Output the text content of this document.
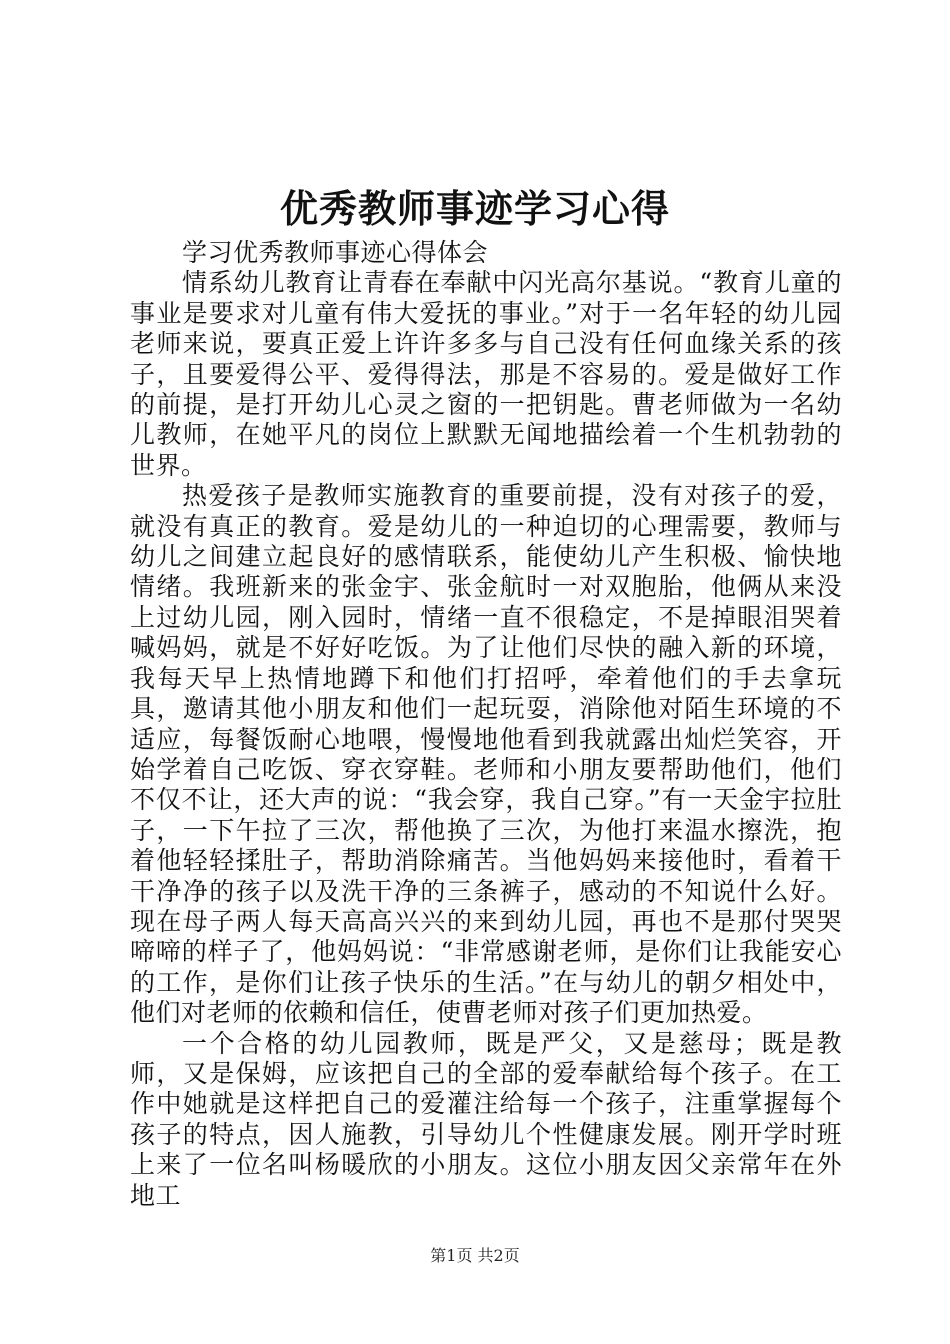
优秀教师事迹学习心得

学习优秀教师事迹心得体会

情系幼儿教育让青春在奉献中闪光高尔基说。“教育儿童的事业是要求对儿童有伟大爱抚的事业。”对于一名年轻的幼儿园老师来说，要真正爱上许许多多与自己没有任何血缘关系的孩子，且要爱得公平、爱得得法，那是不容易的。爱是做好工作的前提，是打开幼儿心灵之窗的一把钥匙。曹老师做为一名幼儿教师，在她平凡的岗位上默默无闻地描绘着一个生机勃勃的世界。

热爱孩子是教师实施教育的重要前提，没有对孩子的爱，就没有真正的教育。爱是幼儿的一种迫切的心理需要，教师与幼儿之间建立起良好的感情联系，能使幼儿产生积极、愉快地情绪。我班新来的张金宇、张金航时一对双胞胎，他俩从来没上过幼儿园，刚入园时，情绪一直不很稳定，不是掉眼泪哭着喊妈妈，就是不好好吃饭。为了让他们尽快的融入新的环境，我每天早上热情地蹲下和他们打招呼，牵着他们的手去拿玩具，邀请其他小朋友和他们一起玩耍，消除他对陌生环境的不适应，每餐饭耐心地喂，慢慢地他看到我就露出灿烂笑容，开始学着自己吃饭、穿衣穿鞋。老师和小朋友要帮助他们，他们不仅不让，还大声的说：“我会穿，我自己穿。”有一天金宇拉肚子，一下午拉了三次，帮他换了三次，为他打来温水擦洗，抱着他轻轻揉肚子，帮助消除痛苦。当他妈妈来接他时，看着干干净净的孩子以及洗干净的三条裤子，感动的不知说什么好。现在母子两人每天高高兴兴的来到幼儿园，再也不是那付哭哭啼啼的样子了，他妈妈说：“非常感谢老师，是你们让我能安心的工作，是你们让孩子快乐的生活。”在与幼儿的朝夕相处中，他们对老师的依赖和信任，使曹老师对孩子们更加热爱。

一个合格的幼儿园教师，既是严父，又是慈母；既是教师，又是保姆，应该把自己的全部的爱奉献给每个孩子。在工作中她就是这样把自己的爱灌注给每一个孩子，注重掌握每个孩子的特点，因人施教，引导幼儿个性健康发展。刚开学时班上来了一位名叫杨暖欣的小朋友。这位小朋友因父亲常年在外地工

第1页 共2页
